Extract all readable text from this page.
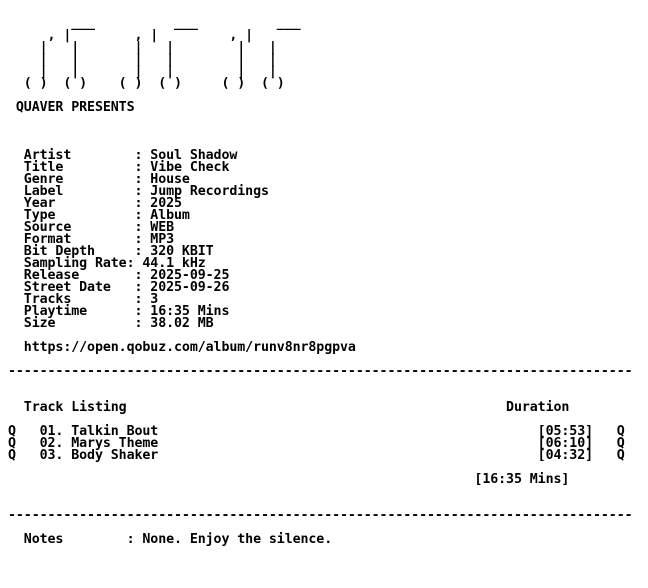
___          ___          ___
, |        , |         , |
|   |       |   |        |   |
|   |       |   |        |   |
|   |       |   |        |   |
( )  ( )    ( )  ( )     ( )  ( )
QUAVER PRESENTS
Artist        : Soul Shadow
Title         : Vibe Check
Genre         : House
Label         : Jump Recordings
Year          : 2025
Type          : Album
Source        : WEB
Format        : MP3
Bit Depth     : 320 KBIT
Sampling Rate: 44.1 kHz
Release       : 2025-09-25
Street Date   : 2025-09-26
Tracks        : 3
Playtime      : 16:35 Mins
Size          : 38.02 MB
https://open.qobuz.com/album/runv8nr8pgpva
-------------------------------------------------------------------------------
Track Listing                                                Duration
Q   01. Talkin Bout                                                [05:53]   Q
Q   02. Marys Theme                                                [06:10]   Q
Q   03. Body Shaker                                                [04:32]   Q
[16:35 Mins]
-------------------------------------------------------------------------------
Notes        : None. Enjoy the silence.
